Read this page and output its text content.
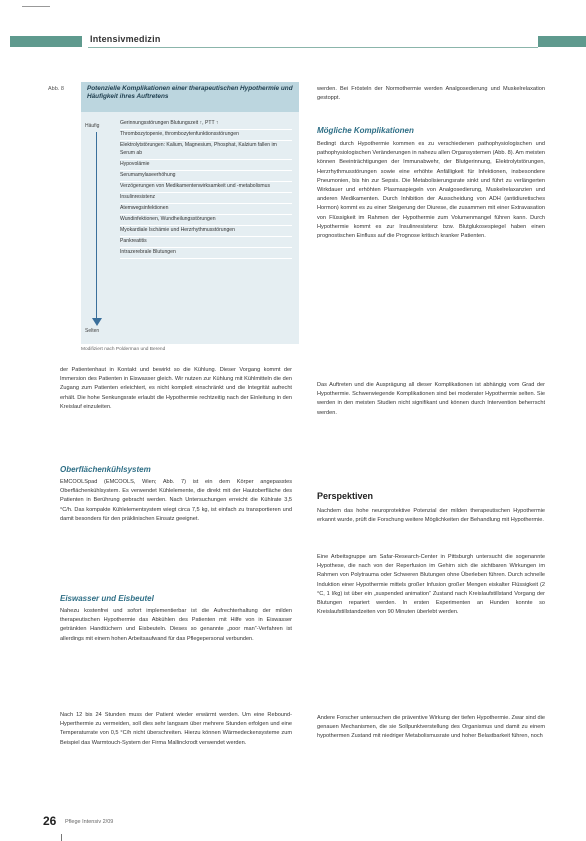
Intensivmedizin
Abb. 8	Potenzielle Komplikationen einer therapeutischen Hypothermie und Häufigkeit ihres Auftretens
Häufig
Selten
Gerinnungsstörungen Blutungszeit ↑, PTT ↑
Thrombozytopenie, thrombozytenfunktionsstörungen
Elektrolytstörungen: Kalium, Magnesium, Phosphat, Kalzium fallen im Serum ab
Hypovolämie
Serumamylaseerhöhung
Verzögerungen von Medikamentenwirksamkeit und -metabolismus
Insulinresistenz
Atemwegsinfektionen
Wundinfektionen, Wundheilungsstörungen
Myokardiale Ischämie und Herzrhythmusstörungen
Pankreatitis
Intrazerebrale Blutungen
Modifiziert nach Polderman und Berend

der Patientenhaut in Kontakt und bewirkt so die Kühlung. Dieser Vorgang kommt der Immersion des Patienten in Eiswasser gleich. Wir nutzen zur Kühlung mit Kühlmitteln die den Zugang zum Patienten erleichtert, es nicht komplett einschränkt und die Integrität aufrecht erhält. Die hohe Senkungsrate erlaubt die Hypothermie rechtzeitig nach der Einleitung in den Kreislauf einzuleiten.

Oberflächenkühlsystem

EMCOOLSpad (EMCOOLS, Wien; Abb. 7) ist ein dem Körper angepasstes Oberflächenkühlsystem. Es verwendet Kühlelemente, die direkt mit der Hautoberfläche des Patienten in Berührung gebracht werden. Nach Untersuchungen erreicht die Kühlrate 3,5 °C/h. Das kompakte Kühlelementsystem wiegt circa 7,5 kg, ist einfach zu transportieren und damit besonders für den präklinischen Einsatz geeignet.

Eiswasser und Eisbeutel

Nahezu kostenfrei und sofort implementierbar ist die Aufrechterhaltung der milden therapeutischen Hypothermie das Abkühlen des Patienten mit Hilfe von in Eiswasser getränkten Handtüchern und Eisbeuteln. Dieses so genannte „poor man“-Verfahren ist allerdings mit einem hohen Arbeitsaufwand für das Pflegepersonal verbunden.

Nach 12 bis 24 Stunden muss der Patient wieder erwärmt werden. Um eine Rebound-Hyperthermie zu vermeiden, soll dies sehr langsam über mehrere Stunden erfolgen und eine Temperaturrate von 0,5 °C/h nicht überschreiten. Hierzu können Wärmedeckensysteme zum Beispiel das Warmtouch-System der Firma Mallinckrodt verwendet werden.

werden. Bei Frösteln der Normothermie werden Analgosedierung und Muskelrelaxation gestoppt.

Mögliche Komplikationen

Bedingt durch Hypothermie kommen es zu verschiedenen pathophysiologischen und pathophysiologischen Veränderungen in nahezu allen Organsystemen (Abb. 8). Am meisten können Beeinträchtigungen der Immunabwehr, der Blutgerinnung, Elektrolytstörungen, Herzrhythmusstörungen sowie eine erhöhte Anfälligkeit für Infektionen, insbesondere Pneumonien, bis hin zur Sepsis. Die Metabolisierungsrate sinkt und führt zu verlängerten Wirkdauer und erhöhten Plasmaspiegeln von Analgosedierung, Muskelrelaxanzien und anderen Medikamenten. Durch Inhibition der Ausscheidung von ADH (antidiuretisches Hormon) kommt es zu einer Steigerung der Diurese, die zusammen mit einer Extravasation von Flüssigkeit im Rahmen der Hypothermie zum Volumenmangel führen kann. Durch Hypothermie kommt es zur Insulinresistenz bzw. Blutglukosespiegel haben einen prognostischen Einfluss auf die Prognose kritisch kranker Patienten.

Das Auftreten und die Ausprägung all dieser Komplikationen ist abhängig vom Grad der Hypothermie. Schwerwiegende Komplikationen sind bei moderater Hypothermie selten. Sie werden in den meisten Studien nicht signifikant und können durch Intervention beherrscht werden.

Perspektiven

Nachdem das hohe neuroprotektive Potenzial der milden therapeutischen Hypothermie erkannt wurde, prüft die Forschung weitere Möglichkeiten der Behandlung mit Hypothermie.

Eine Arbeitsgruppe am Safar-Research-Center in Pittsburgh untersucht die sogenannte Hypothese, die nach von der Reperfusion im Gehirn sich die sichtbaren Wirkungen im Rahmen von Polytrauma oder Schweren Blutungen ohne Überleben führen. Durch schnelle Induktion einer Hypothermie mittels großer Infusion großer Mengen eiskalter Flüssigkeit (2 °C, 1 l/kg) ist über ein „suspended animation“ Zustand nach Kreislaufstillstand Vorgang der Blutungen repariert werden. In ersten Experimenten an Hunden konnte so Kreislaufstillstandzeiten von 90 Minuten überlebt werden.

Andere Forscher untersuchen die präventive Wirkung der tiefen Hypothermie. Zwar sind die genauen Mechanismen, die sie Sollpunktverstellung des Organismus und damit zu einem hypothermen Zustand mit niedriger Metabolismusrate und hoher Belastbarkeit führen, noch

26 Pflege Intensiv 2/09
